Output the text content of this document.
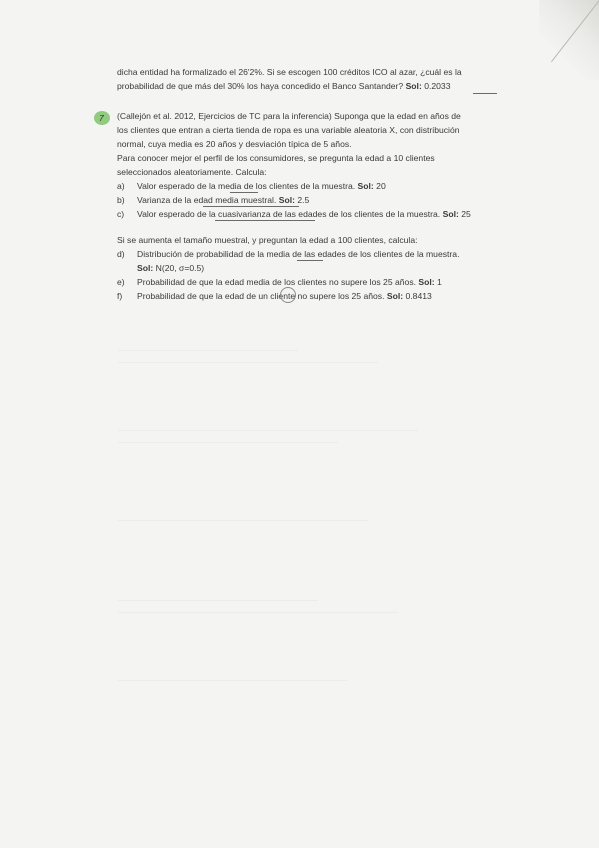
dicha entidad ha formalizado el 26'2%. Si se escogen 100 créditos ICO al azar, ¿cuál es la
probabilidad de que más del 30% los haya concedido el Banco Santander? Sol: 0.2033
7 (Callejón et al. 2012, Ejercicios de TC para la inferencia) Suponga que la edad en años de
los clientes que entran a cierta tienda de ropa es una variable aleatoria X, con distribución
normal, cuya media es 20 años y desviación típica de 5 años.
Para conocer mejor el perfil de los consumidores, se pregunta la edad a 10 clientes
seleccionados aleatoriamente. Calcula:
a) Valor esperado de la media de los clientes de la muestra. Sol: 20
b) Varianza de la edad media muestral. Sol: 2.5
c) Valor esperado de la cuasivarianza de las edades de los clientes de la muestra. Sol: 25
Si se aumenta el tamaño muestral, y preguntan la edad a 100 clientes, calcula:
d) Distribución de probabilidad de la media de las edades de los clientes de la muestra.
Sol: N(20, σ=0.5)
e) Probabilidad de que la edad media de los clientes no supere los 25 años. Sol: 1
f) Probabilidad de que la edad de un cliente no supere los 25 años. Sol: 0.8413
